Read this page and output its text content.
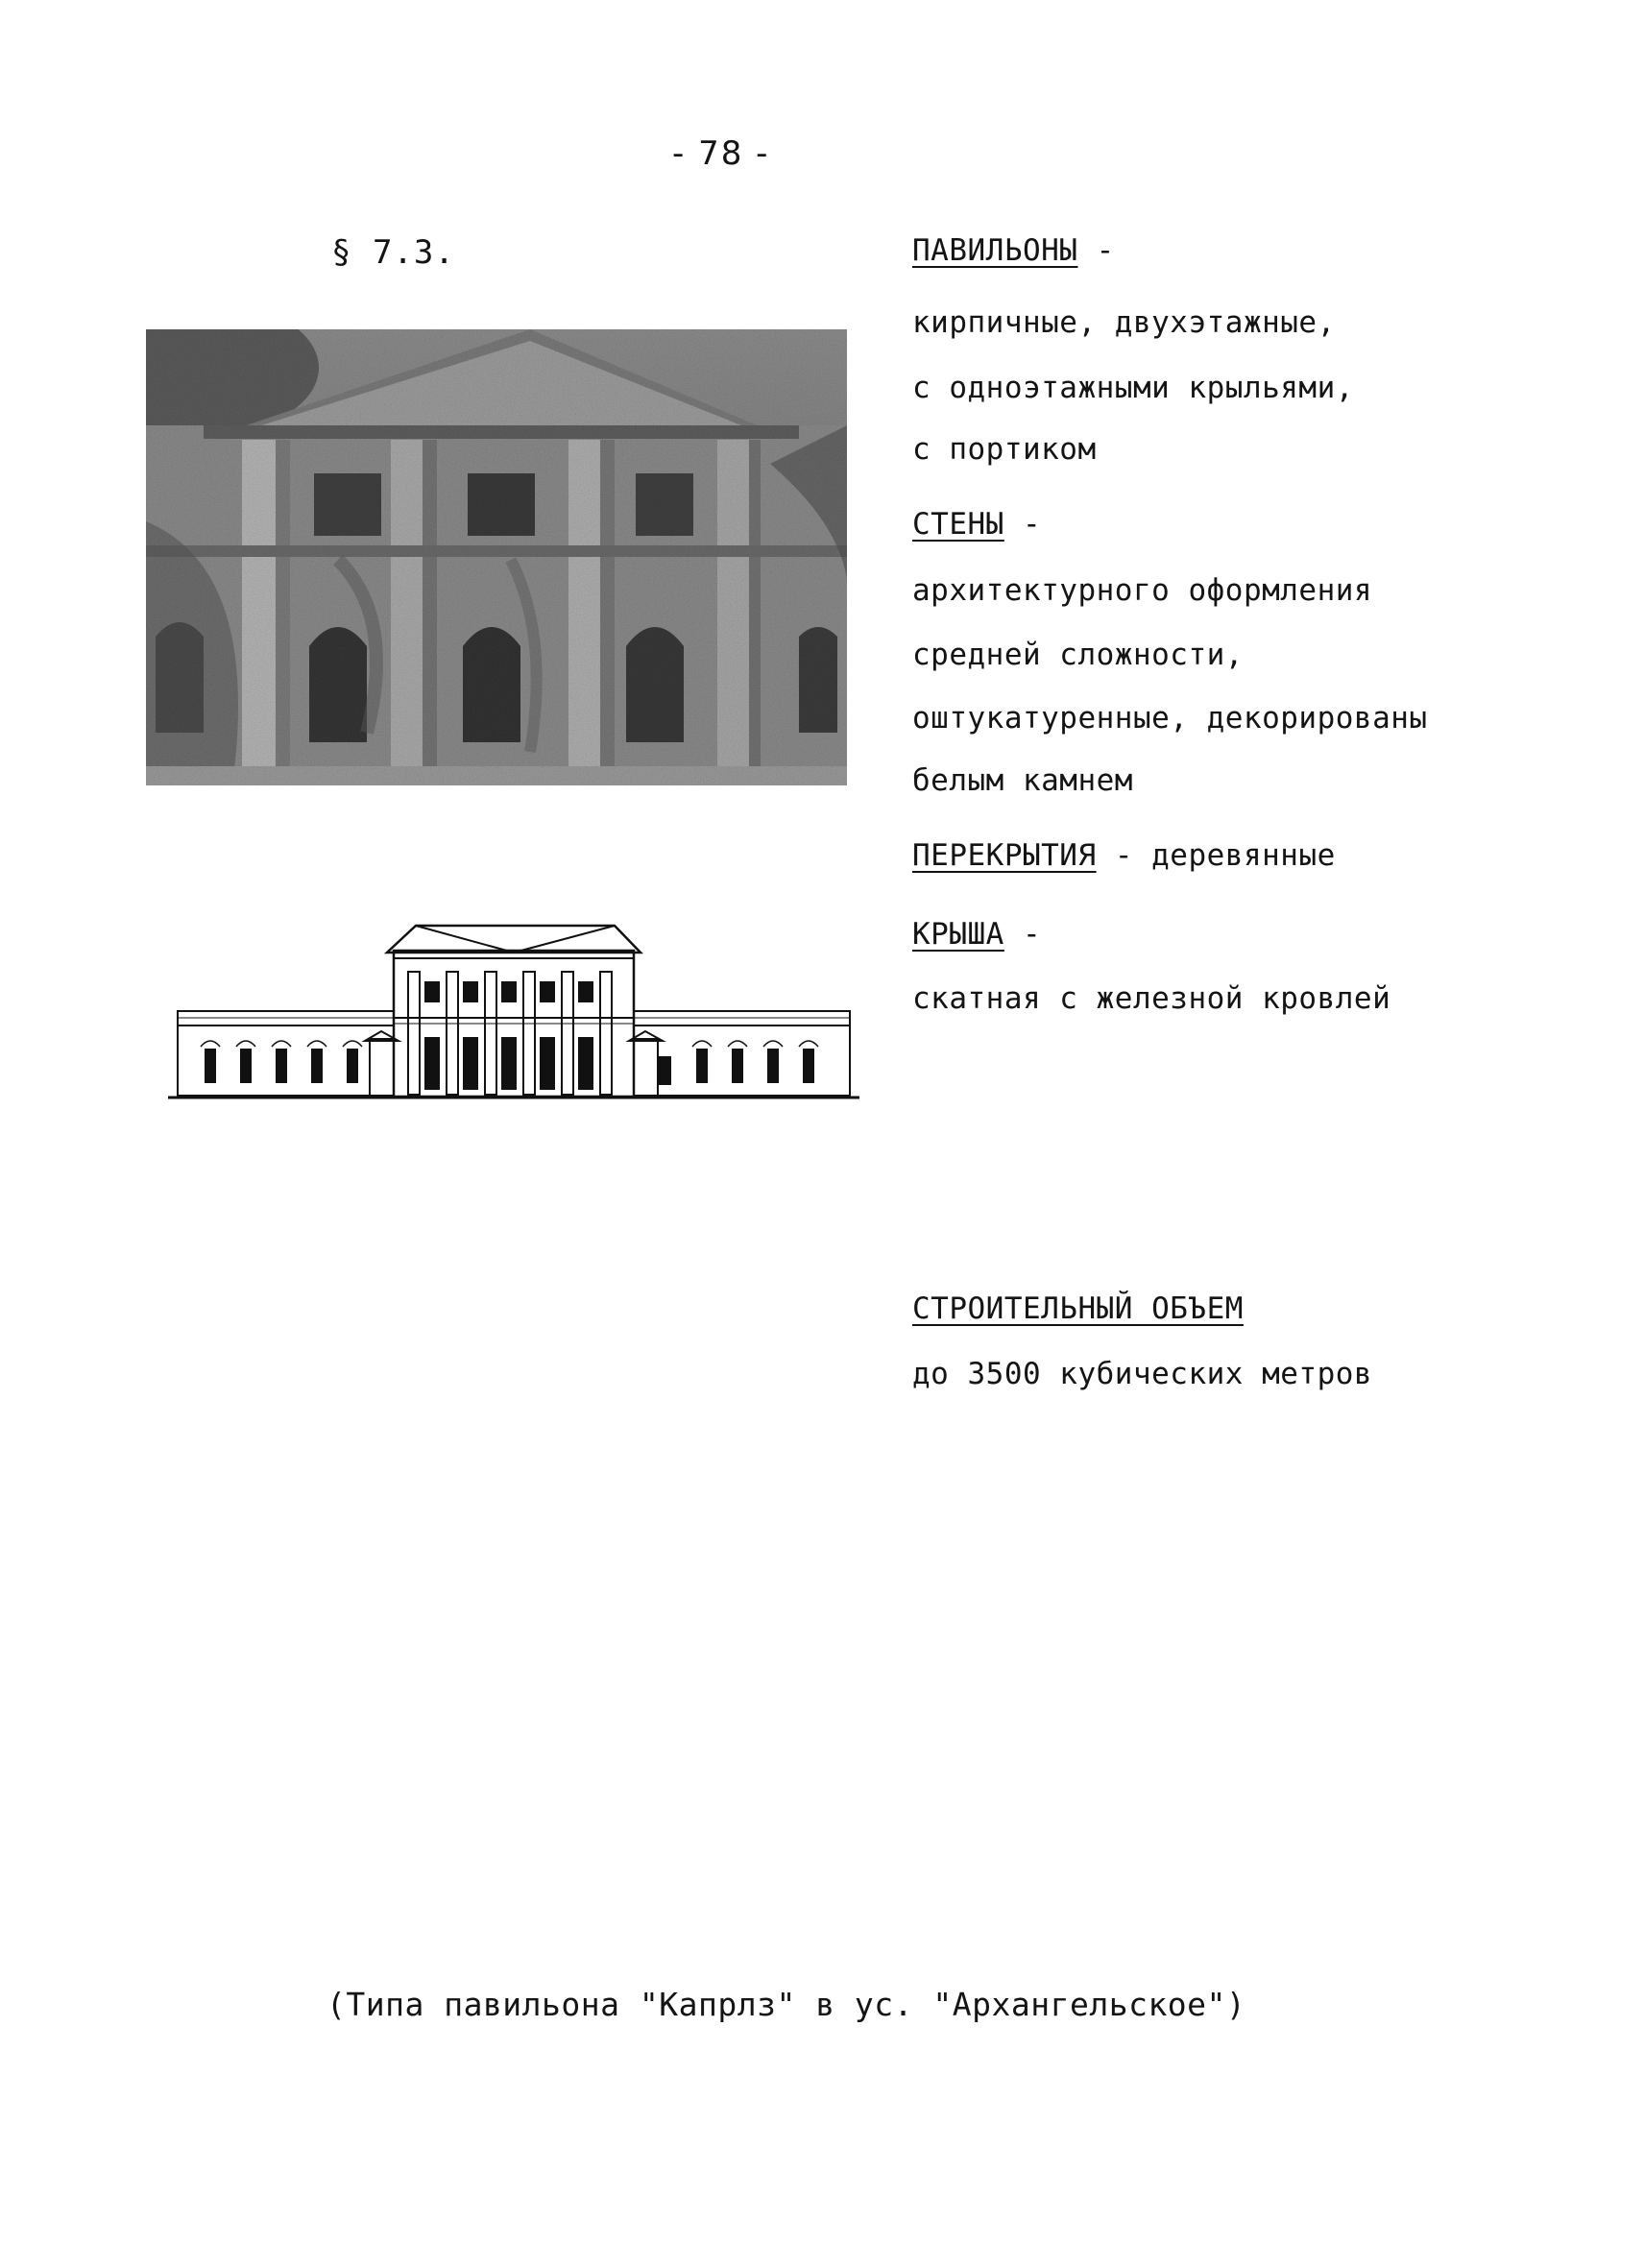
- 78 -
§ 7.3.	ПАВИЛЬОНЫ -
кирпичные, двухэтажные,
с одноэтажными крыльями,
с портиком
СТЕНЫ -
архитектурного оформления
средней сложности,
оштукатуренные, декорированы
белым камнем
ПЕРЕКРЫТИЯ - деревянные
КРЫША -
скатная с железной кровлей
СТРОИТЕЛЬНЫЙ ОБЪЕМ
до 3500 кубических метров
(Типа павильона "Капрлз" в ус. "Архангельское")
